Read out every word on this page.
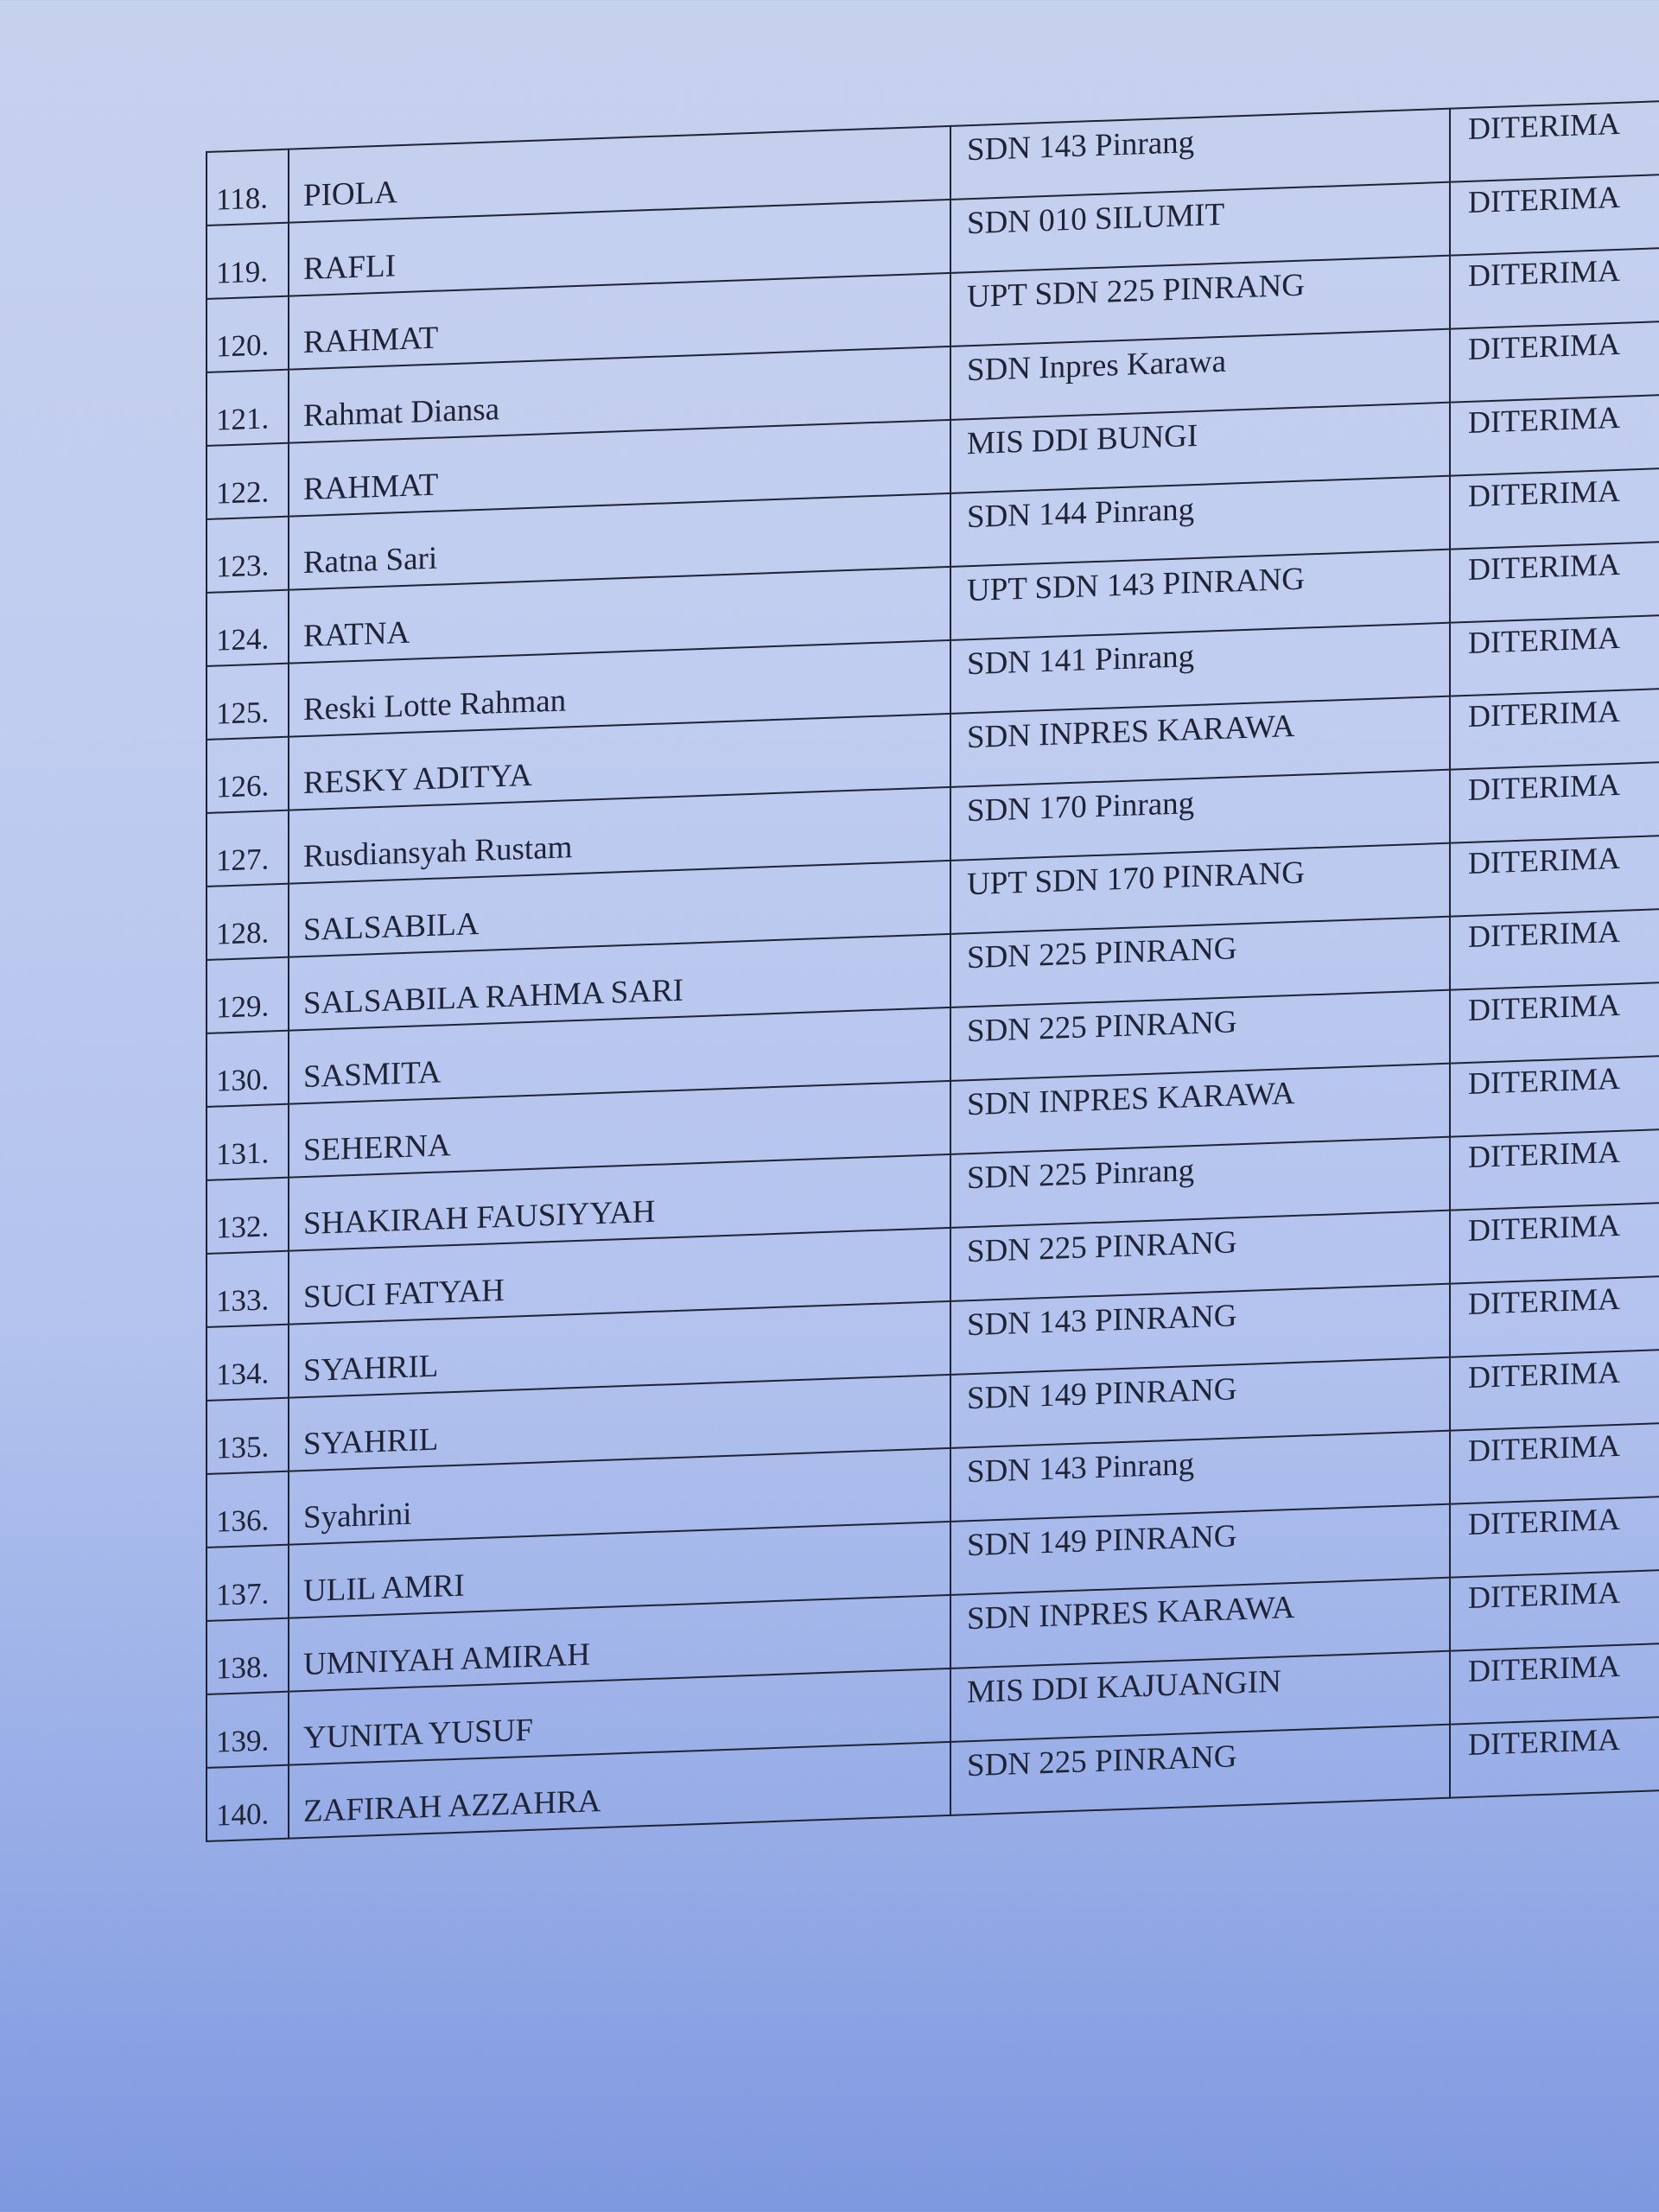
118.	PIOLA	SDN 143 Pinrang	DITERIMA
119.	RAFLI	SDN 010 SILUMIT	DITERIMA
120.	RAHMAT	UPT SDN 225 PINRANG	DITERIMA
121.	Rahmat Diansa	SDN Inpres Karawa	DITERIMA
122.	RAHMAT	MIS DDI BUNGI	DITERIMA
123.	Ratna Sari	SDN 144 Pinrang	DITERIMA
124.	RATNA	UPT SDN 143 PINRANG	DITERIMA
125.	Reski Lotte Rahman	SDN 141 Pinrang	DITERIMA
126.	RESKY ADITYA	SDN INPRES KARAWA	DITERIMA
127.	Rusdiansyah Rustam	SDN 170 Pinrang	DITERIMA
128.	SALSABILA	UPT SDN 170 PINRANG	DITERIMA
129.	SALSABILA RAHMA SARI	SDN 225 PINRANG	DITERIMA
130.	SASMITA	SDN 225 PINRANG	DITERIMA
131.	SEHERNA	SDN INPRES KARAWA	DITERIMA
132.	SHAKIRAH FAUSIYYAH	SDN 225 Pinrang	DITERIMA
133.	SUCI FATYAH	SDN 225 PINRANG	DITERIMA
134.	SYAHRIL	SDN 143 PINRANG	DITERIMA
135.	SYAHRIL	SDN 149 PINRANG	DITERIMA
136.	Syahrini	SDN 143 Pinrang	DITERIMA
137.	ULIL AMRI	SDN 149 PINRANG	DITERIMA
138.	UMNIYAH AMIRAH	SDN INPRES KARAWA	DITERIMA
139.	YUNITA YUSUF	MIS DDI KAJUANGIN	DITERIMA
140.	ZAFIRAH AZZAHRA	SDN 225 PINRANG	DITERIMA
